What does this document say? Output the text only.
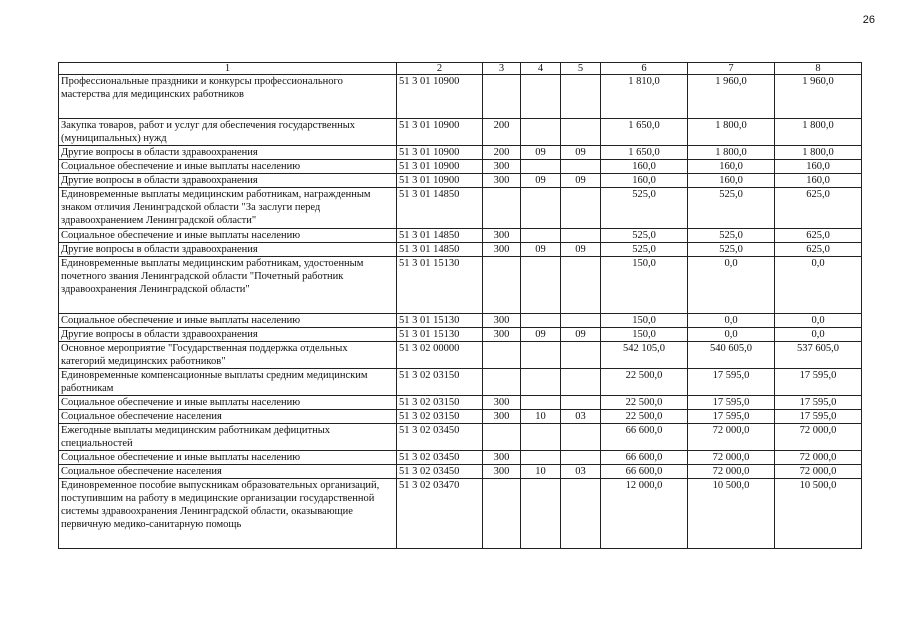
26
1	2	3	4	5	6	7	8
Профессиональные праздники и конкурсы профессионального мастерства для медицинских работников	51 3 01 10900				1 810,0	1 960,0	1 960,0
Закупка товаров, работ и услуг для обеспечения государственных (муниципальных) нужд	51 3 01 10900	200			1 650,0	1 800,0	1 800,0
Другие вопросы в области здравоохранения	51 3 01 10900	200	09	09	1 650,0	1 800,0	1 800,0
Социальное обеспечение и иные выплаты населению	51 3 01 10900	300			160,0	160,0	160,0
Другие вопросы в области здравоохранения	51 3 01 10900	300	09	09	160,0	160,0	160,0
Единовременные выплаты медицинским работникам, награжденным знаком отличия Ленинградской области "За заслуги перед здравоохранением Ленинградской области"	51 3 01 14850				525,0	525,0	625,0
Социальное обеспечение и иные выплаты населению	51 3 01 14850	300			525,0	525,0	625,0
Другие вопросы в области здравоохранения	51 3 01 14850	300	09	09	525,0	525,0	625,0
Единовременные выплаты медицинским работникам, удостоенным почетного звания Ленинградской области "Почетный работник здравоохранения Ленинградской области"	51 3 01 15130				150,0	0,0	0,0
Социальное обеспечение и иные выплаты населению	51 3 01 15130	300			150,0	0,0	0,0
Другие вопросы в области здравоохранения	51 3 01 15130	300	09	09	150,0	0,0	0,0
Основное мероприятие "Государственная поддержка отдельных категорий медицинских работников"	51 3 02 00000				542 105,0	540 605,0	537 605,0
Единовременные компенсационные выплаты средним медицинским работникам	51 3 02 03150				22 500,0	17 595,0	17 595,0
Социальное обеспечение и иные выплаты населению	51 3 02 03150	300			22 500,0	17 595,0	17 595,0
Социальное обеспечение населения	51 3 02 03150	300	10	03	22 500,0	17 595,0	17 595,0
Ежегодные выплаты медицинским работникам дефицитных специальностей	51 3 02 03450				66 600,0	72 000,0	72 000,0
Социальное обеспечение и иные выплаты населению	51 3 02 03450	300			66 600,0	72 000,0	72 000,0
Социальное обеспечение населения	51 3 02 03450	300	10	03	66 600,0	72 000,0	72 000,0
Единовременное пособие выпускникам образовательных организаций, поступившим на работу в медицинские организации государственной системы здравоохранения Ленинградской области, оказывающие первичную медико-санитарную помощь	51 3 02 03470				12 000,0	10 500,0	10 500,0
